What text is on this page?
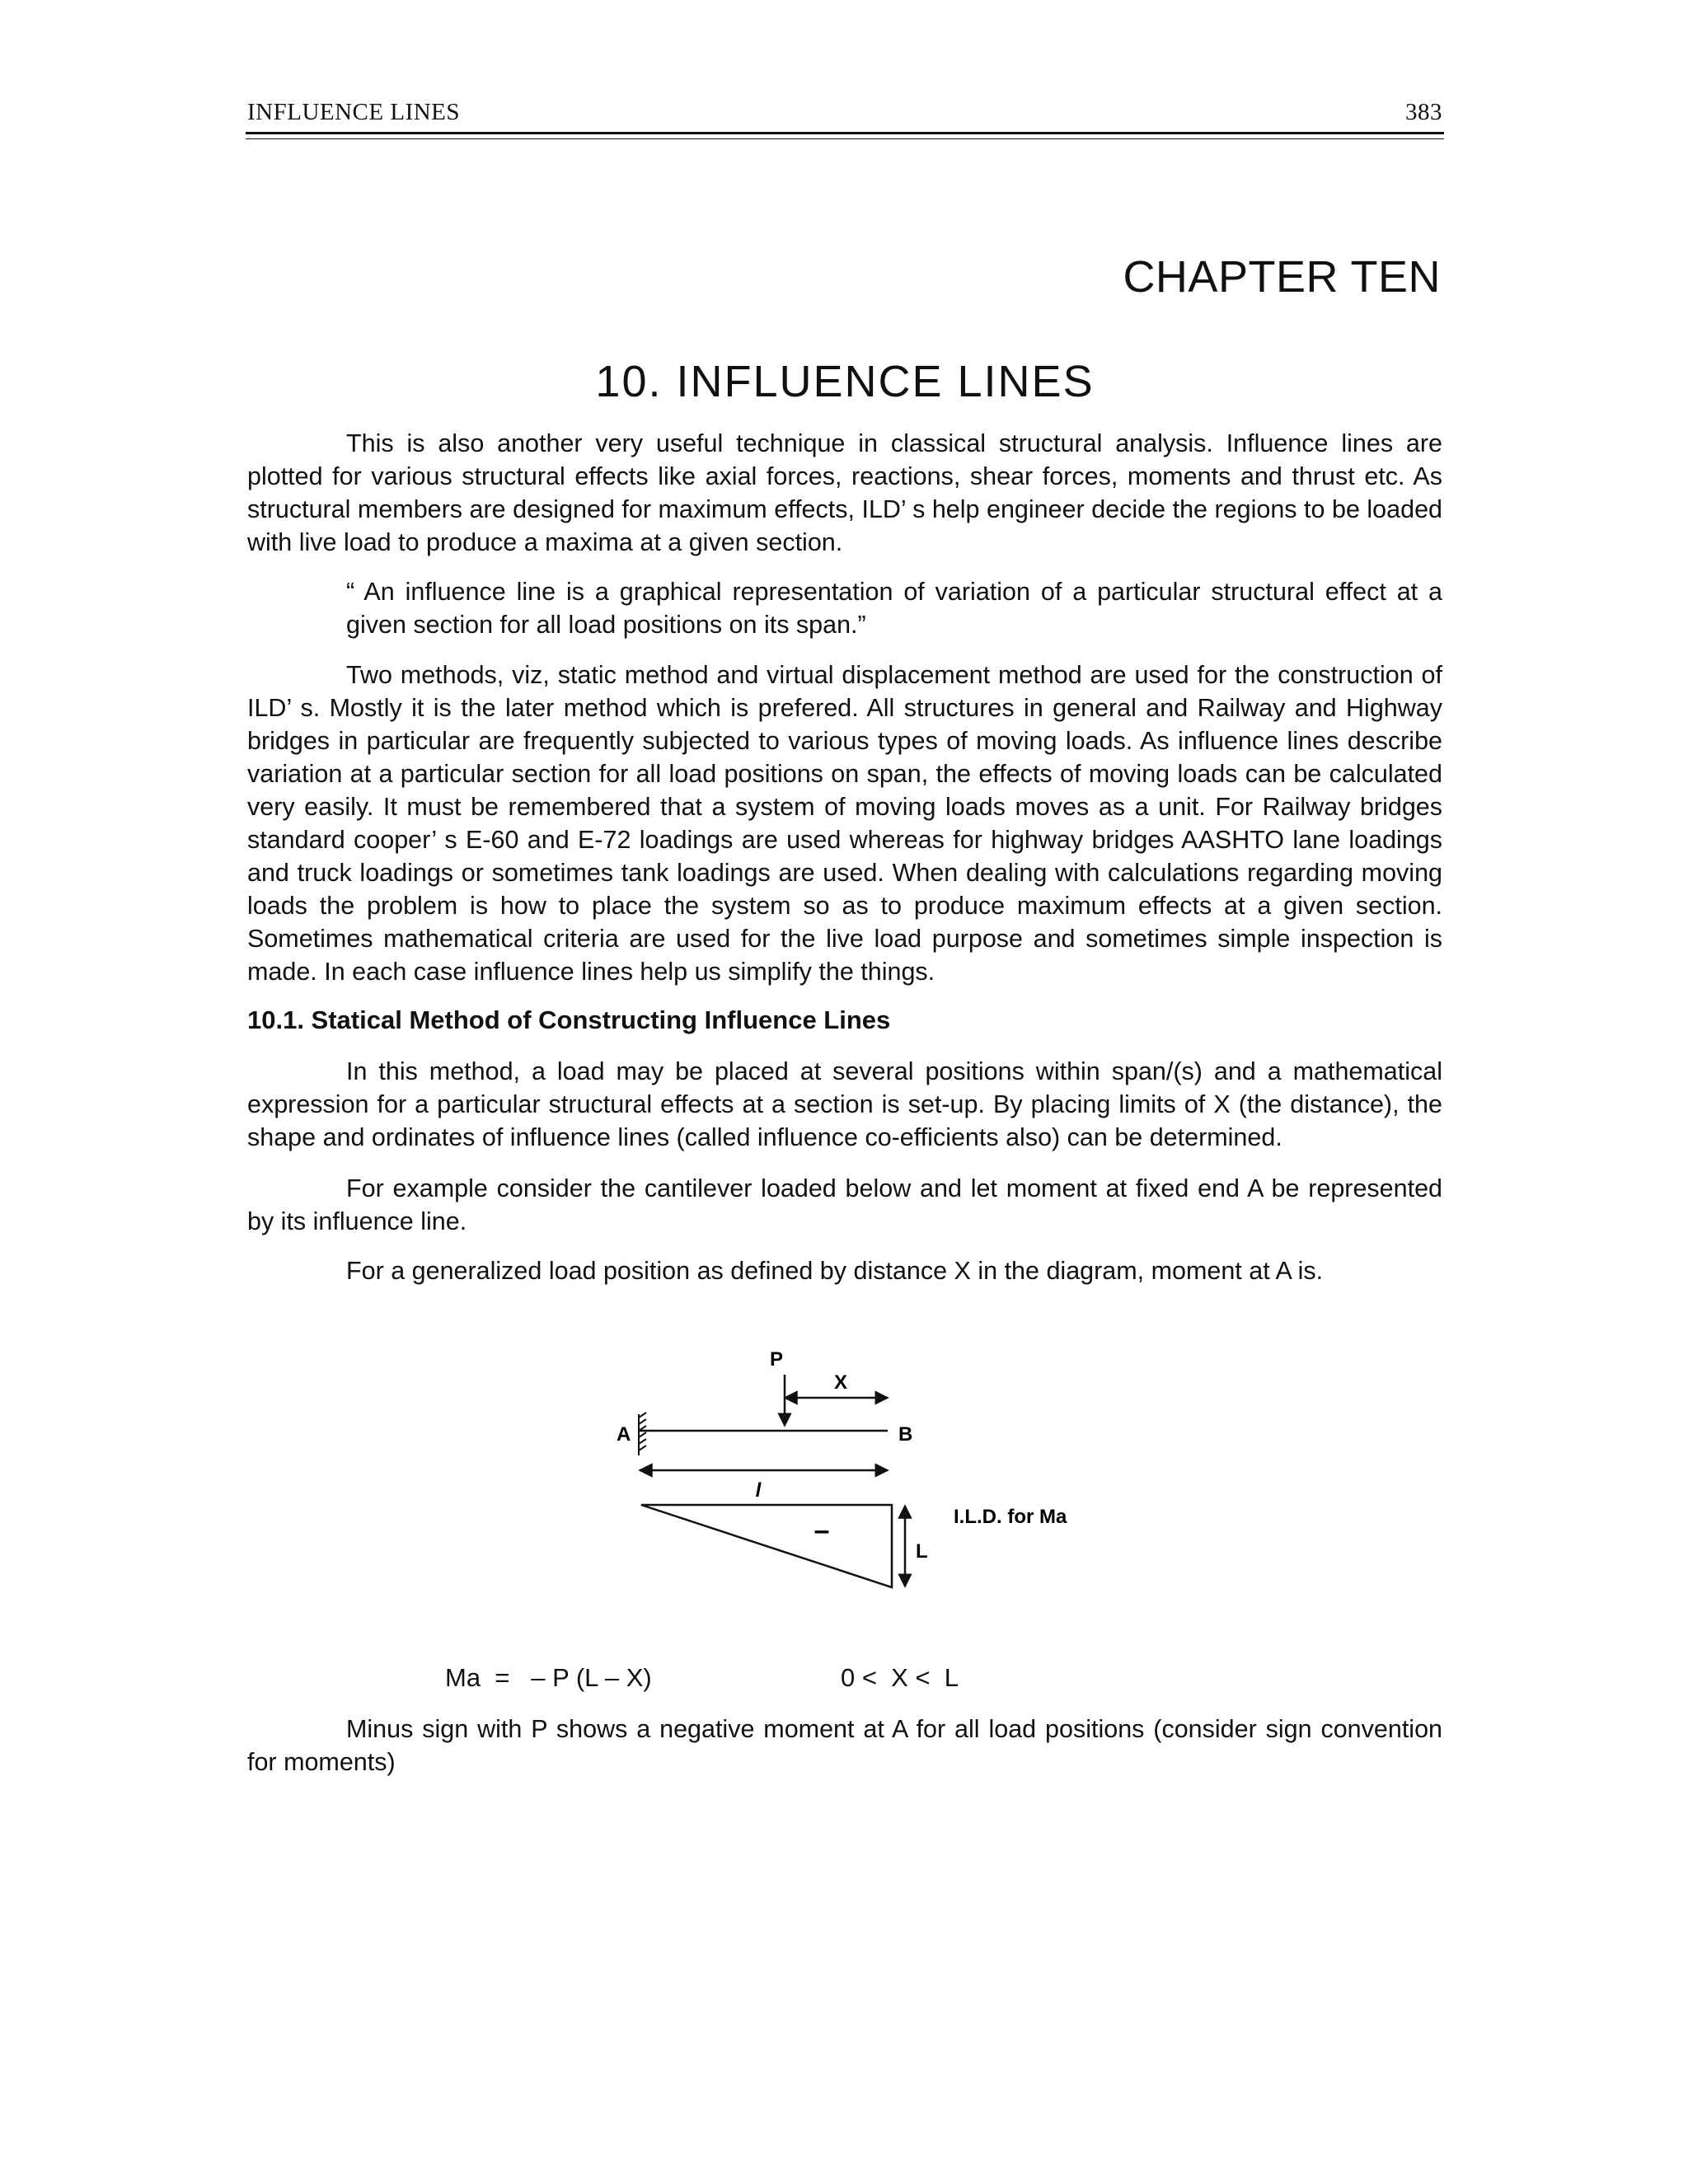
INFLUENCE LINES	383
CHAPTER TEN
10. INFLUENCE LINES

This is also another very useful technique in classical structural analysis. Influence lines are plotted for various structural effects like axial forces, reactions, shear forces, moments and thrust etc. As structural members are designed for maximum effects, ILD’ s help engineer decide the regions to be loaded with live load to produce a maxima at a given section.

“ An influence line is a graphical representation of variation of a particular structural effect at a given section for all load positions on its span.”

Two methods, viz, static method and virtual displacement method are used for the construction of ILD’ s. Mostly it is the later method which is prefered. All structures in general and Railway and Highway bridges in particular are frequently subjected to various types of moving loads. As influence lines describe variation at a particular section for all load positions on span, the effects of moving loads can be calculated very easily. It must be remembered that a system of moving loads moves as a unit. For Railway bridges standard cooper’ s E-60 and E-72 loadings are used whereas for highway bridges AASHTO lane loadings and truck loadings or sometimes tank loadings are used. When dealing with calculations regarding moving loads the problem is how to place the system so as to produce maximum effects at a given section. Sometimes mathematical criteria are used for the live load purpose and sometimes simple inspection is made. In each case influence lines help us simplify the things.

10.1. Statical Method of Constructing Influence Lines

In this method, a load may be placed at several positions within span/(s) and a mathematical expression for a particular structural effects at a section is set-up. By placing limits of X (the distance), the shape and ordinates of influence lines (called influence co-efficients also) can be determined.

For example consider the cantilever loaded below and let moment at fixed end A be represented by its influence line.

For a generalized load position as defined by distance X in the diagram, moment at A is.

P
X
A	B
l
–
L
I.L.D. for Ma
Ma  =   – P (L – X)	0 <  X <  L

Minus sign with P shows a negative moment at A for all load positions (consider sign convention for moments)
